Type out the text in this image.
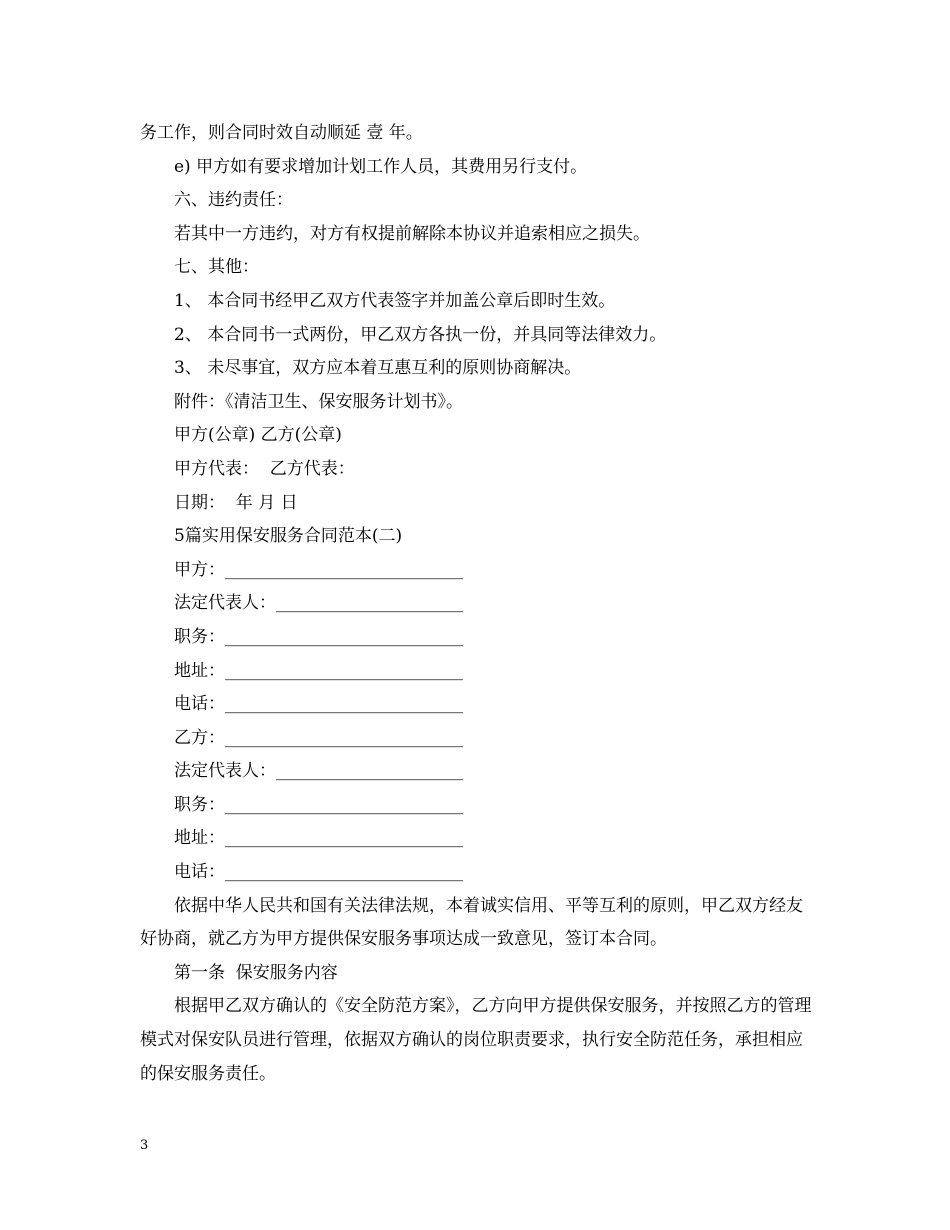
务工作，则合同时效自动顺延 壹 年。

e) 甲方如有要求增加计划工作人员，其费用另行支付。

六、违约责任：

若其中一方违约，对方有权提前解除本协议并追索相应之损失。

七、其他：

1、 本合同书经甲乙双方代表签字并加盖公章后即时生效。

2、 本合同书一式两份，甲乙双方各执一份，并具同等法律效力。

3、 未尽事宜，双方应本着互惠互利的原则协商解决。

附件：《清洁卫生、保安服务计划书》。

甲方(公章) 乙方(公章)

甲方代表：  乙方代表：

日期：  年 月 日

5篇实用保安服务合同范本(二)

甲方：____________________________

法定代表人：______________________

职务：____________________________

地址：____________________________

电话：____________________________

乙方：____________________________

法定代表人：______________________

职务：____________________________

地址：____________________________

电话：____________________________

依据中华人民共和国有关法律法规，本着诚实信用、平等互利的原则，甲乙双方经友好协商，就乙方为甲方提供保安服务事项达成一致意见，签订本合同。

第一条  保安服务内容

根据甲乙双方确认的《安全防范方案》，乙方向甲方提供保安服务，并按照乙方的管理模式对保安队员进行管理，依据双方确认的岗位职责要求，执行安全防范任务，承担相应的保安服务责任。

3
